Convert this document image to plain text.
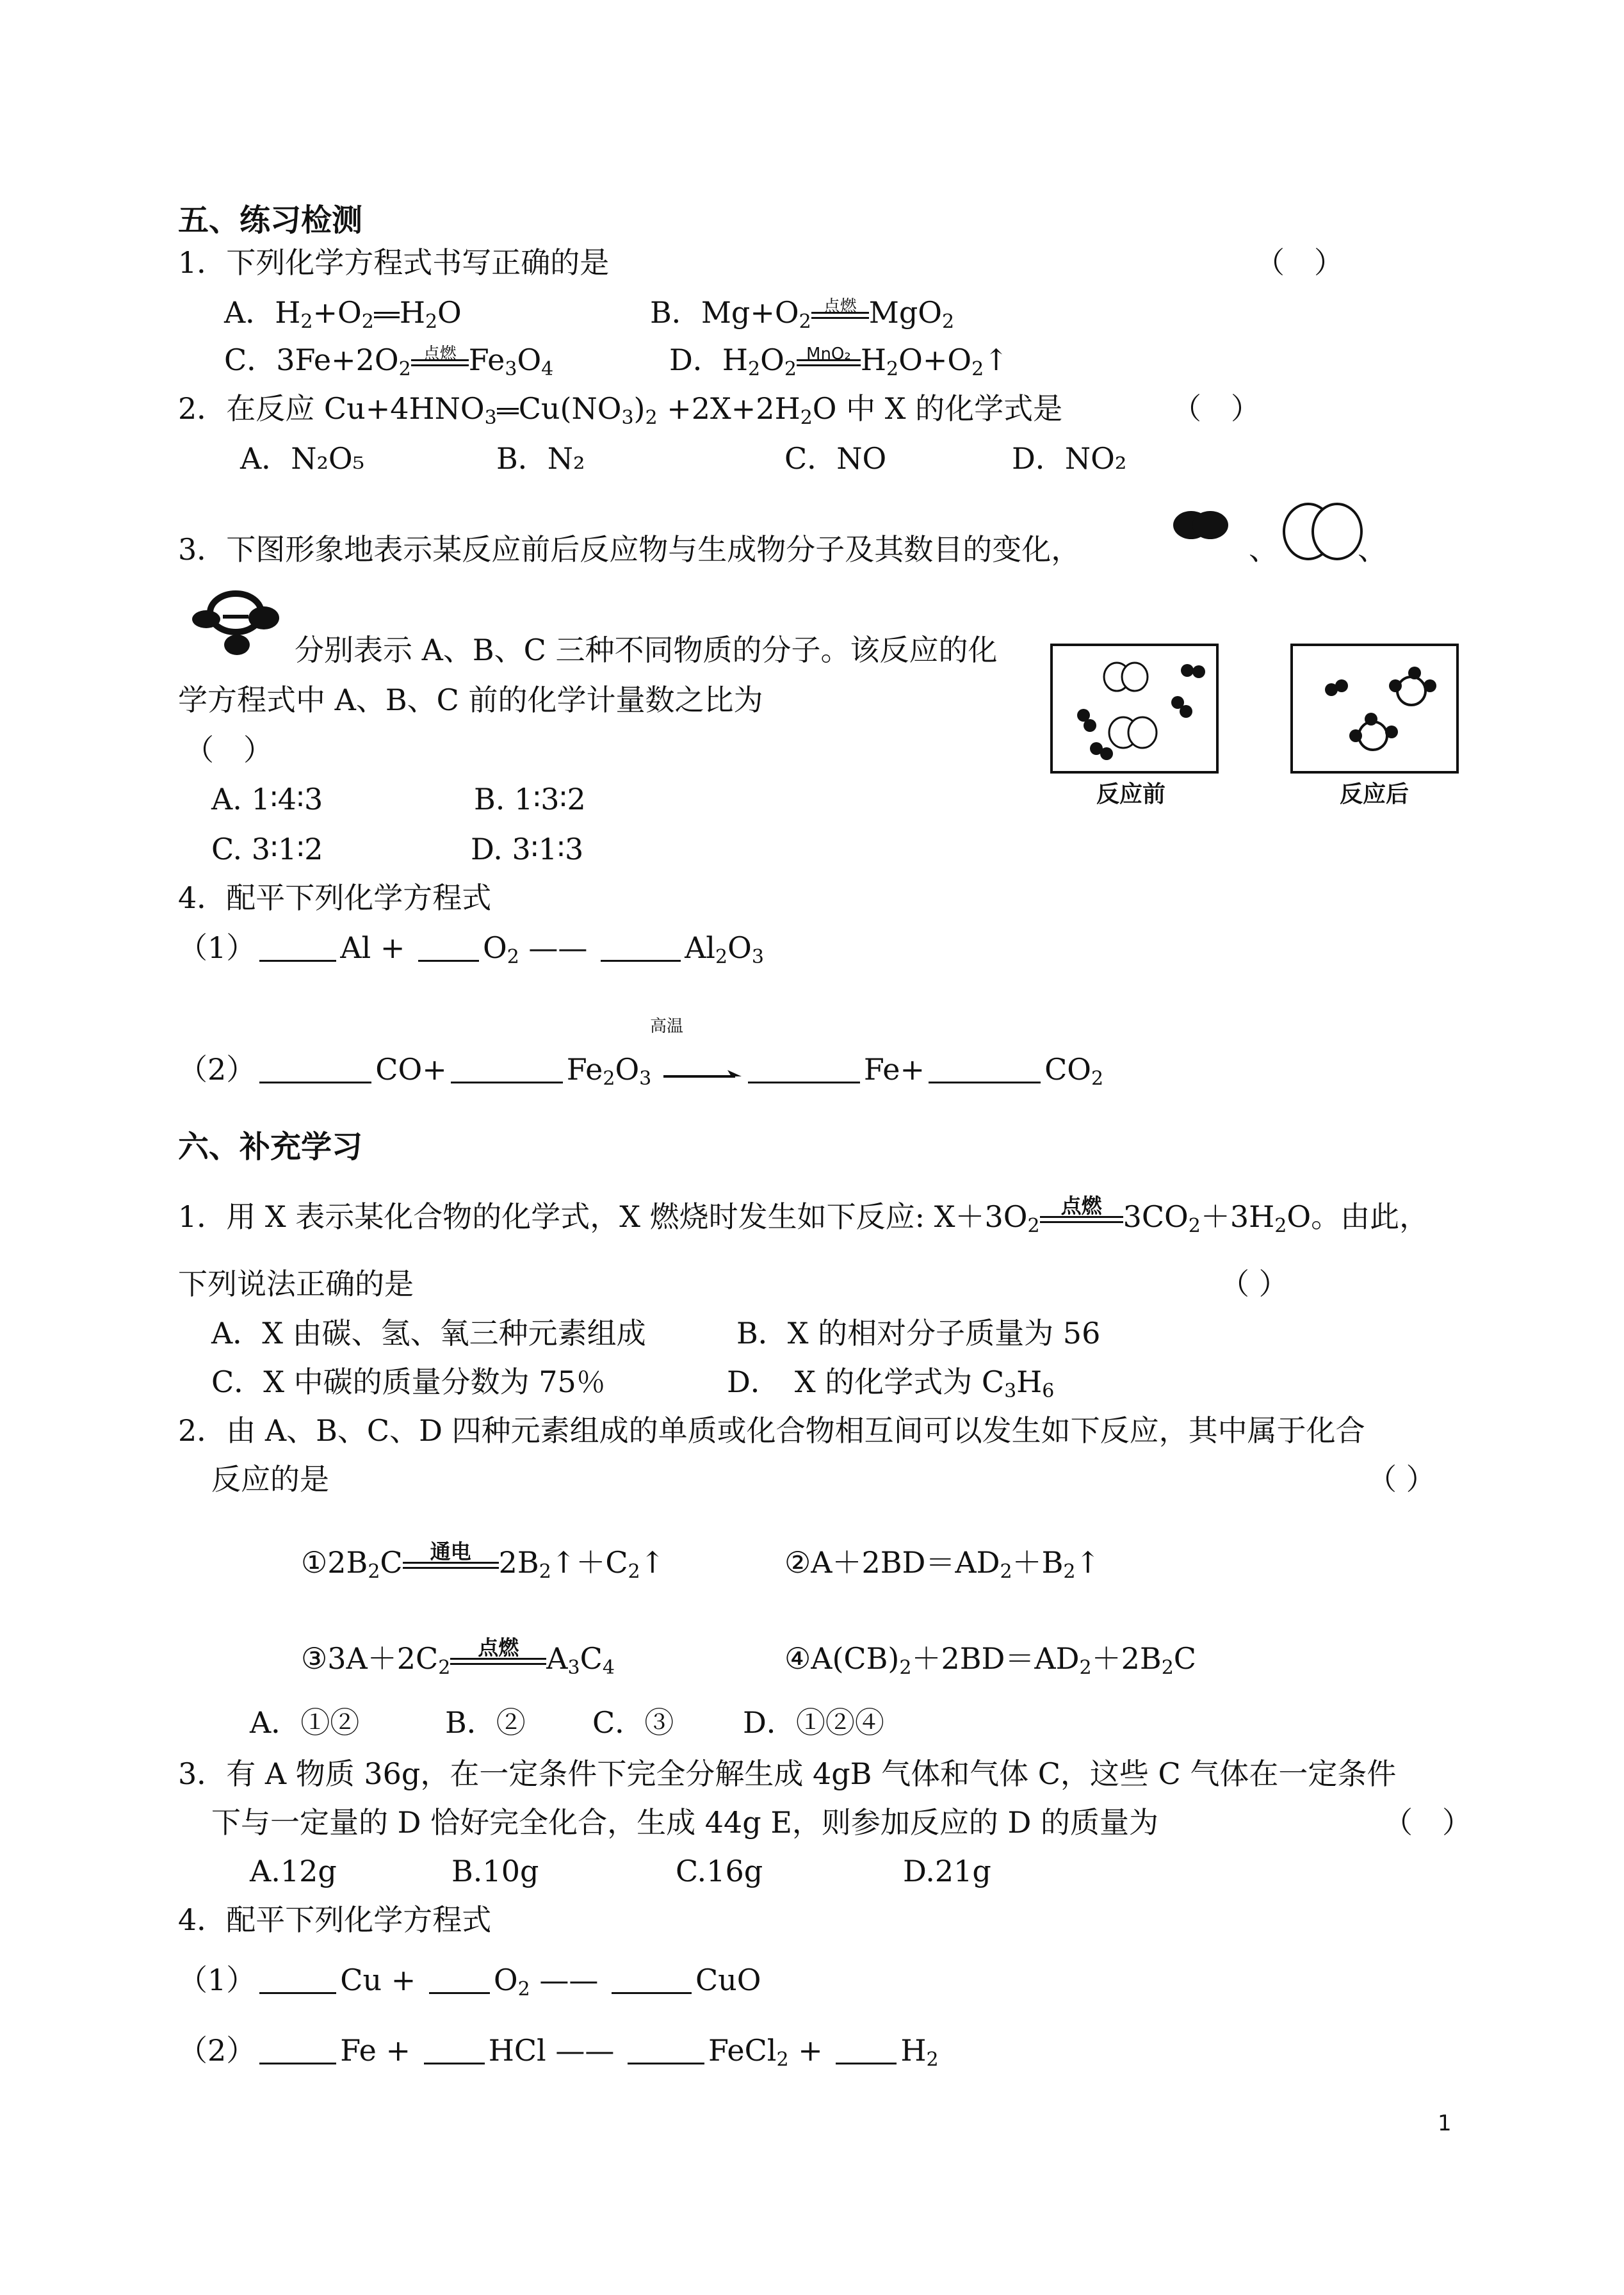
五、练习检测
1．下列化学方程式书写正确的是	（　）
A．$H_2+O_2$ $H_2O$	B．$Mg+O_2$
点燃 MgO$_2$
C．$3Fe+2O_2$
点燃 $Fe_3O_4$	D．$H_2O_2$
MnO₂ $H_2O+O_2↑$
2．在反应 $Cu+4HNO_3$ $Cu(NO_3)_2 +2X+2H_2O$ 中 X 的化学式是	（　）
A．N₂O₅	B．N₂	C．NO	D．NO₂
3．下图形象地表示某反应前后反应物与生成物分子及其数目的变化，	、	、
分别表示 A、B、C 三种不同物质的分子。该反应的化
学方程式中 A、B、C 前的化学计量数之比为
（　）
A. 1∶4∶3	B. 1∶3∶2
C. 3∶1∶2	D. 3∶1∶3
反应前	反应后
4．配平下列化学方程式
（1）	$Al + O_2$ ——	$Al_2O_3$
高温
（2）	CO+	$Fe_2O_3$	Fe+	$CO_2$
六、补充学习
1．用 X 表示某化合物的化学式，X 燃烧时发生如下反应: $X+3O_2$
点燃 $3CO_2+3H_2O$。由此，
下列说法正确的是	（ ）
A．X 由碳、氢、氧三种元素组成	B．X 的相对分子质量为 56
C．X 中碳的质量分数为 75％	D．　X 的化学式为 $C_3H_6$
2．由 A、B、C、D 四种元素组成的单质或化合物相互间可以发生如下反应，其中属于化合
反应的是	（ ）
$①2B_2C$	通电 $2B_2↑+C_2↑$	$②A+2BD=AD_2+B_2↑$
$③3A+2C_2$
点燃 $A_3C_4$	$④A(CB)_2+2BD=AD_2+2B_2C$
A．①②	B．② C．③ D．①②④
3．有 A 物质 36g，在一定条件下完全分解生成 4gB 气体和气体 C，这些 C 气体在一定条件
下与一定量的 D 恰好完全化合，生成 44g E，则参加反应的 D 的质量为	（　）
A.12g	B.10g	C.16g	D.21g
4．配平下列化学方程式
（1）	$Cu + O_2$ ——	CuO
（2）	Fe + HCl ——	FeCl$_2$ + $H_2$
1
